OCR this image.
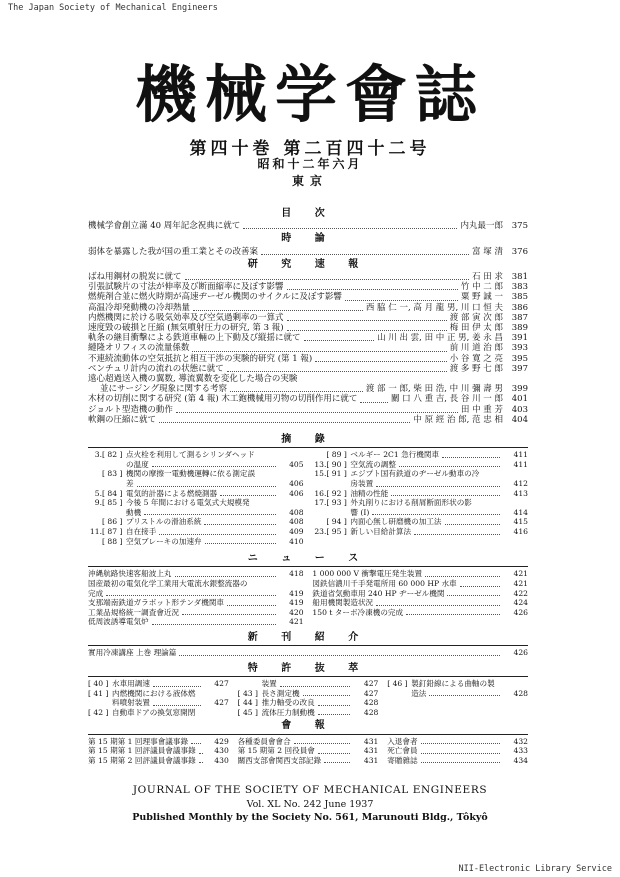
The Japan Society of Mechanical Engineers
NII-Electronic Library Service
機械学會誌
第四十巻 第二百四十二号
昭和十二年六月
東京
目 次
機械学會創立滿 40 周年記念祝典に就て	内丸最一郎	375
時 論
弱体を暴露した我が国の重工業とその改善案	富 塚 清	376
研 究 速 報
ばね用鋼材の脱炭に就て	石 田 求	381
引張試験片の寸法が伸率及び断面縮率に及ぼす影響	竹 中 二 郎	383
燃焼剤合並に燃火時期が高速ヂーゼル機関のサイクルに及ぼす影響	粟 野 誠 一	385
高温冷却発動機の冷却熱量	西 脇 仁 一, 高 月 龍 男, 川 口 恒 夫	386
内燃機関に於ける吸気効率及び空気過剰率の一算式	渡 部 寅 次 郎	387
速度毀の破損と圧縮 (無気噴射圧力の研究, 第 3 報)	梅 田 伊 太 郎	389
軌条の継目衝擊による鉄道車輛の上下動及び縦揺に就て	山 川 出 雲, 田 中 正 男, 姜 永 昌	391
縺隆オリフィスの流量係数	前 川 道 治 郎	393
不連続流動体の空気抵抗と相互干渉の実験的研究 (第 1 報)	小 谷 寛 之 亮	395
ベンチュリ計内の流れの状態に就て	渡 多 野 七 郎	397
遠心超過送入機の翼数, 導流翼数を変化した場合の実験
並にサージング現象に関する考察	渡 部 一 郎, 柴 田 浩, 中 川 彌 壽 男	399
木材の切削に関する研究 (第 4 報) 木工鉋機械用刃物の切削作用に就て	關 口 八 重 吉, 長 谷 川 一 郎	401
ジョルト型造機の動作	田 中 重 芳	403
軟鋼の圧縮に就て	中 原 經 治 郎, 范 忠 相	404
摘 錄
3. [ 82 ] 点火栓を利用して測るシリンダヘッド
の温度	405
[ 83 ] 機関の摩擦一電動機運轉に依る測定誤
差	406
5. [ 84 ] 電気的計器による燃焼測器	406
9. [ 85 ] 今後 5 年間における電気式大規模発
動機	408
[ 86 ] プリストルの滑油系統	408
11. [ 87 ] 自在接手	409
[ 88 ] 空気ブレーキの加速弁	410
[ 89 ] ベルギー 2C1 急行機関車	411
13. [ 90 ] 空気流の調整	411
15. [ 91 ] エジプト国有鉄道のヂーゼル動車の冷
房装置	412
16. [ 92 ] 油精の性能	413
17. [ 93 ] 外丸削りにおける削屑断面形状の影
響 (I)	414
[ 94 ] 内面心無し研磨機の加工法	415
23. [ 95 ] 新しい目給計算法	416
ニ ュ ー ス
沖縄航路快速客船波上丸	418
国産最初の電気化学工業用大電流水銀整流器の
完成	419
支那端南鉄道ガラボット形テンダ機関車	419
工業品規格統一調査會近況	420
低周波誘導電気炉	421
1 000 000 V 衝撃電圧発生装置	421
図鉄信濃川千手発電所用 60 000 HP 水車	421
鉄道省気動車用 240 HP ヂーゼル機関	422
船用機関製造状況	424
150 t ターボ冷凍機の完成	426
新 刊 紹 介
實用冷凍講座 上巻 理論篇	426
特 許 抜 萃
[ 40 ] 水車用調速	427
[ 41 ] 内燃機関における液体燃
料噴射装置	427
[ 42 ] 自動車ドアの換気窓開閉
装置	427
[ 43 ] 長さ測定機	427
[ 44 ] 推力軸受の改良	428
[ 45 ] 流体圧力制動機	428
[ 46 ] 製釘鉛線による曲軸の製
造法	428
會 報
第 15 期第 1 回理事會議事錄	429
第 15 期第 1 回評議員會議事錄	430
第 15 期第 2 回評議員會議事錄	430
各種委員會會合	431
第 15 期第 2 回役員會	431
關西支部會関西支部記錄	431
入退會者	432
死亡會員	433
寄贈雜誌	434
JOURNAL OF THE SOCIETY OF MECHANICAL ENGINEERS
Vol. XL No. 242 June 1937
Published Monthly by the Society No. 561, Marunouti Bldg., Tôkyô
